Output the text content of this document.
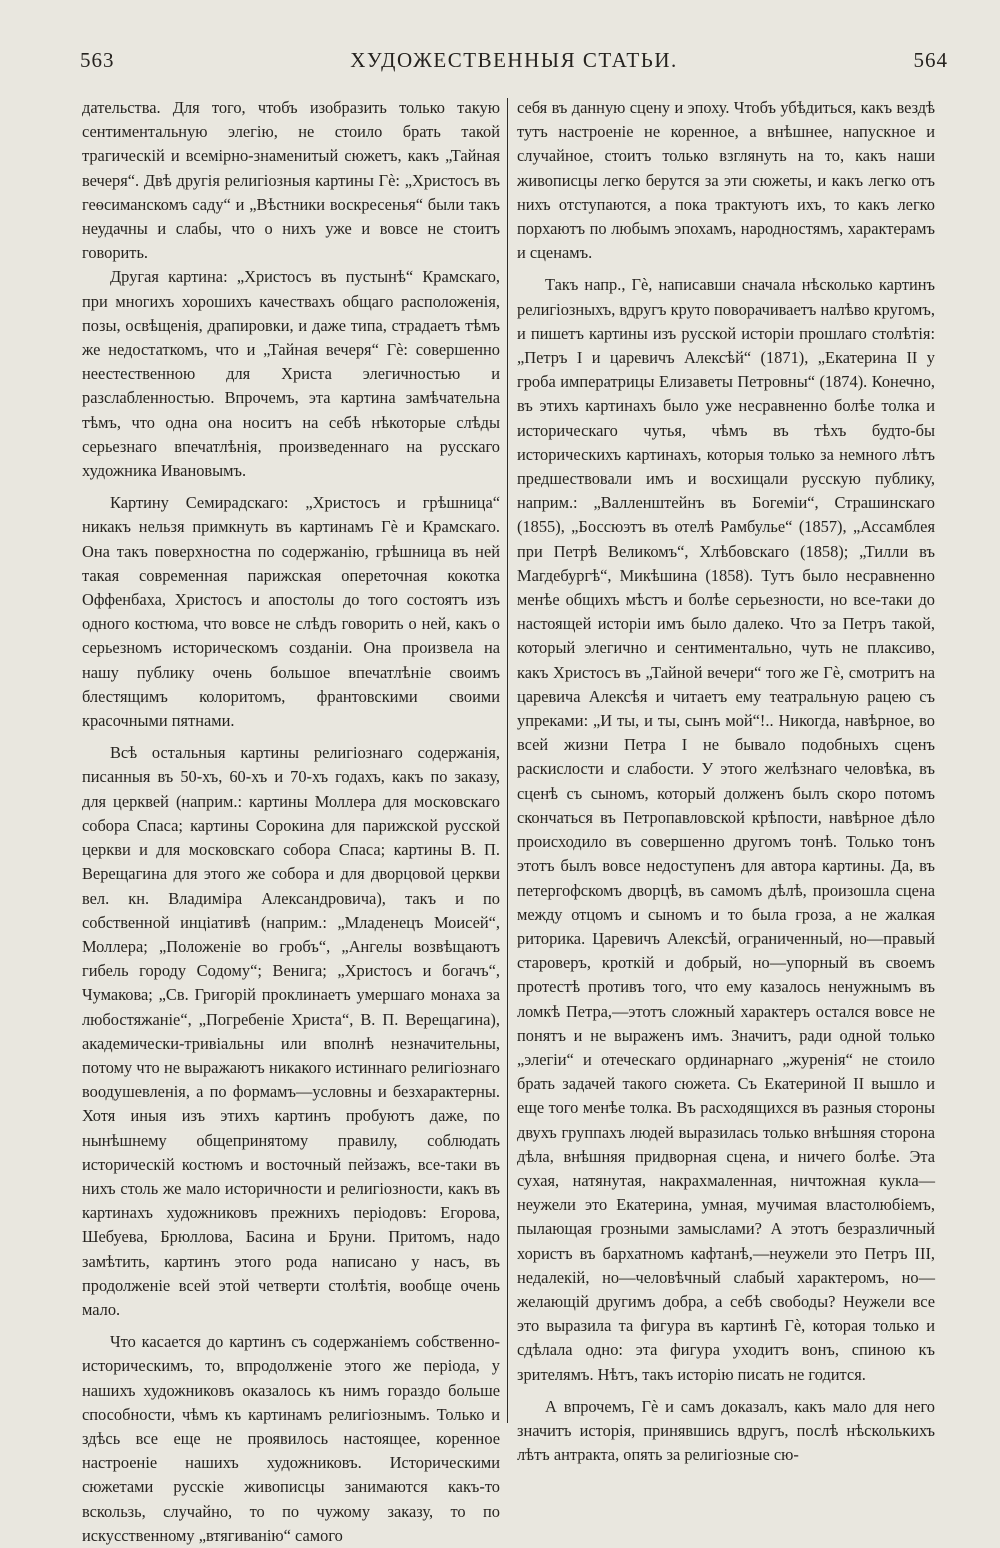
563	ХУДОЖЕСТВЕННЫЯ СТАТЬИ.	564

дательства. Для того, чтобъ изобразить только такую сентиментальную элегію, не стоило брать такой трагическій и всемірно-знаменитый сюжетъ, какъ „Тайная вечеря“. Двѣ другія религіозныя картины Гè: „Христосъ въ геѳсиманскомъ саду“ и „Вѣстники воскресенья“ были такъ неудачны и слабы, что о нихъ уже и вовсе не стоитъ говорить.

Другая картина: „Христосъ въ пустынѣ“ Крамскаго, при многихъ хорошихъ качествахъ общаго расположенія, позы, освѣщенія, драпировки, и даже типа, страдаетъ тѣмъ же недостаткомъ, что и „Тайная вечеря“ Гè: совершенно неестественною для Христа элегичностью и разслабленностью. Впрочемъ, эта картина замѣчательна тѣмъ, что одна она носитъ на себѣ нѣкоторые слѣды серьезнаго впечатлѣнія, произведеннаго на русскаго художника Ивановымъ.

Картину Семирадскаго: „Христосъ и грѣшница“ никакъ нельзя примкнуть въ картинамъ Гè и Крамскаго. Она такъ поверхностна по содержанію, грѣшница въ ней такая современная парижская опереточная кокотка Оффенбаха, Христосъ и апостолы до того состоятъ изъ одного костюма, что вовсе не слѣдъ говорить о ней, какъ о серьезномъ историческомъ созданіи. Она произвела на нашу публику очень большое впечатлѣніе своимъ блестящимъ колоритомъ, франтовскими своими красочными пятнами.

Всѣ остальныя картины религіознаго содержанія, писанныя въ 50-хъ, 60-хъ и 70-хъ годахъ, какъ по заказу, для церквей (наприм.: картины Моллера для московскаго собора Спаса; картины Сорокина для парижской русской церкви и для московскаго собора Спаса; картины В. П. Верещагина для этого же собора и для дворцовой церкви вел. кн. Владиміра Александровича), такъ и по собственной инціативѣ (наприм.: „Младенецъ Моисей“, Моллера; „Положеніе во гробъ“, „Ангелы возвѣщаютъ гибель городу Содому“; Венига; „Христосъ и богачъ“, Чумакова; „Св. Григорій проклинаетъ умершаго монаха за любостяжаніе“, „Погребеніе Христа“, В. П. Верещагина), академически-тривіальны или вполнѣ незначительны, потому что не выражаютъ никакого истиннаго религіознаго воодушевленія, а по формамъ—условны и безхарактерны. Хотя иныя изъ этихъ картинъ пробуютъ даже, по нынѣшнему общепринятому правилу, соблюдать историческій костюмъ и восточный пейзажъ, все-таки въ нихъ столь же мало историчности и религіозности, какъ въ картинахъ художниковъ прежнихъ періодовъ: Егорова, Шебуева, Брюллова, Басина и Бруни. Притомъ, надо замѣтить, картинъ этого рода написано у насъ, въ продолженіе всей этой четверти столѣтія, вообще очень мало.

Что касается до картинъ съ содержаніемъ собственно-историческимъ, то, впродолженіе этого же періода, у нашихъ художниковъ оказалось къ нимъ гораздо больше способности, чѣмъ къ картинамъ религіознымъ. Только и здѣсь все еще не проявилось настоящее, коренное настроеніе нашихъ художниковъ. Историческими сюжетами русскіе живописцы занимаются какъ-то вскользь, случайно, то по чужому заказу, то по искусственному „втягиванію“ самого

себя въ данную сцену и эпоху. Чтобъ убѣдиться, какъ вездѣ тутъ настроеніе не коренное, а внѣшнее, напускное и случайное, стоитъ только взглянуть на то, какъ наши живописцы легко берутся за эти сюжеты, и какъ легко отъ нихъ отступаются, а пока трактуютъ ихъ, то какъ легко порхаютъ по любымъ эпохамъ, народностямъ, характерамъ и сценамъ.

Такъ напр., Гè, написавши сначала нѣсколько картинъ религіозныхъ, вдругъ круто поворачиваетъ налѣво кругомъ, и пишетъ картины изъ русской исторіи прошлаго столѣтія: „Петръ I и царевичъ Алексѣй“ (1871), „Екатерина II у гроба императрицы Елизаветы Петровны“ (1874). Конечно, въ этихъ картинахъ было уже несравненно болѣе толка и историческаго чутья, чѣмъ въ тѣхъ будто-бы историческихъ картинахъ, которыя только за немного лѣтъ предшествовали имъ и восхищали русскую публику, наприм.: „Валленштейнъ въ Богеміи“, Страшинскаго (1855), „Боссюэтъ въ отелѣ Рамбулье“ (1857), „Ассамблея при Петрѣ Великомъ“, Хлѣбовскаго (1858); „Тилли въ Магдебургѣ“, Микѣшина (1858). Тутъ было несравненно менѣе общихъ мѣстъ и болѣе серьезности, но все-таки до настоящей исторіи имъ было далеко. Что за Петръ такой, который элегично и сентиментально, чуть не плаксиво, какъ Христосъ въ „Тайной вечери“ того же Гè, смотритъ на царевича Алексѣя и читаетъ ему театральную рацею съ упреками: „И ты, и ты, сынъ мой“!.. Никогда, навѣрное, во всей жизни Петра I не бывало подобныхъ сценъ раскислости и слабости. У этого желѣзнаго человѣка, въ сценѣ съ сыномъ, который долженъ былъ скоро потомъ скончаться въ Петропавловской крѣпости, навѣрное дѣло происходило въ совершенно другомъ тонѣ. Только тонъ этотъ былъ вовсе недоступенъ для автора картины. Да, въ петергофскомъ дворцѣ, въ самомъ дѣлѣ, произошла сцена между отцомъ и сыномъ и то была гроза, а не жалкая риторика. Царевичъ Алексѣй, ограниченный, но—правый староверъ, кроткій и добрый, но—упорный въ своемъ протестѣ противъ того, что ему казалось ненужнымъ въ ломкѣ Петра,—этотъ сложный характеръ остался вовсе не понятъ и не выраженъ имъ. Значитъ, ради одной только „элегіи“ и отеческаго ординарнаго „журенія“ не стоило брать задачей такого сюжета. Съ Екатериной II вышло и еще того менѣе толка. Въ расходящихся въ разныя стороны двухъ группахъ людей выразилась только внѣшняя сторона дѣла, внѣшняя придворная сцена, и ничего болѣе. Эта сухая, натянутая, накрахмаленная, ничтожная кукла—неужели это Екатерина, умная, мучимая властолюбіемъ, пылающая грозными замыслами? А этотъ безразличный хористъ въ бархатномъ кафтанѣ,—неужели это Петръ III, недалекій, но—человѣчный слабый характеромъ, но—желающій другимъ добра, а себѣ свободы? Неужели все это выразила та фигура въ картинѣ Гè, которая только и сдѣлала одно: эта фигура уходитъ вонъ, спиною къ зрителямъ. Нѣтъ, такъ исторію писать не годится.

А впрочемъ, Гè и самъ доказалъ, какъ мало для него значитъ исторія, принявшись вдругъ, послѣ нѣсколькихъ лѣтъ антракта, опять за религіозные сю-
